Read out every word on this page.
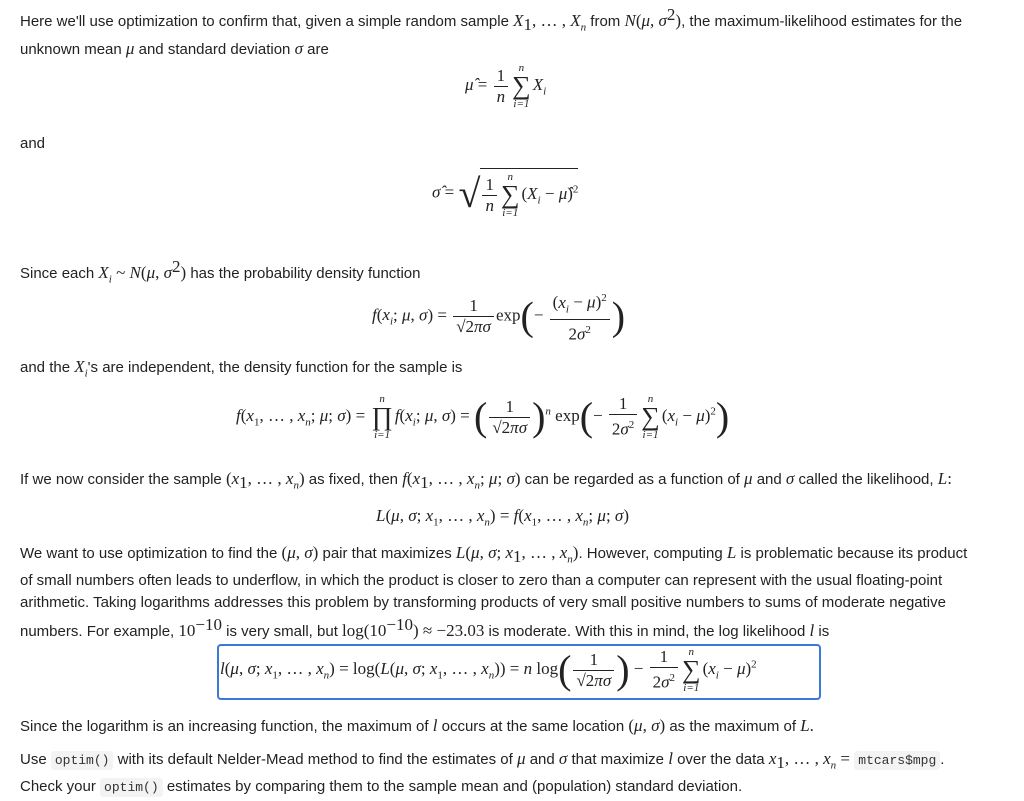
Here we'll use optimization to confirm that, given a simple random sample $X_1$, … , $X_n$ from N(μ, $\sigma^2$), the maximum-likelihood estimates for the
unknown mean μ and standard deviation σ are
μ̂ = $\frac{1}{n}$ n
∑
i=1
$X_i$
and
σ̂ = √ $\frac{1}{n}$ n
∑
i=1
($X_i$ − μ̂)$^2$
Since each $X_i$ ~ N(μ, $\sigma^2$) has the probability density function
$f(x_i$; μ, $\sigma) = \frac{1}{√2\pi\sigma} \exp(- \frac{(x_i - \mu)^2}{2\sigma^2}$ )
and the $X_i's$ are independent, the density function for the sample is
$f(x_1$, … , $x_n$; μ; σ) =
n
∏
i=1
$f(x_i$; μ, σ) = ( $\frac{1}{√2\pi\sigma} )^n$ $\exp(- \frac{1}{2\sigma^2}$ n
∑
i=1
$(x_i - \mu)^2$)
If we now consider the sample ($x_1$, … , $x_n$) as fixed, then $f(x_1$, … , $x_n$; μ; σ) can be regarded as a function of μ and σ called the likelihood, L:
L(μ, σ; $x_1$, … , $x_n) = f(x_1$, … , $x_n$; μ; σ)
We want to use optimization to find the (μ, σ) pair that maximizes L(μ, σ; $x_1$, … , $x_n$). However, computing L is problematic because its product
of small numbers often leads to underflow, in which the product is closer to zero than a computer can represent with the usual floating-point
arithmetic. Taking logarithms addresses this problem by transforming products of very small positive numbers to sums of moderate negative
numbers. For example, $10^{-10}$ is very small, but $\log(10^{-10}) \approx -23.03$ is moderate. With this in mind, the log likelihood l is
l(μ, σ; $x_1$, … , $x_n) = \log(L(\mu$, σ; $x_1$, … , $x_n)) = n$ $\log( \frac{1}{√2\pi\sigma}$ ) − $\frac{1}{2\sigma^2}$ n
∑
i=1
$(x_i - \mu)^2$
Since the logarithm is an increasing function, the maximum of l occurs at the same location (μ, σ) as the maximum of L.
Use optim() with its default Nelder-Mead method to find the estimates of μ and σ that maximize l over the data $x_1$, … , $x_n$ = mtcars$mpg .
Check your optim() estimates by comparing them to the sample mean and (population) standard deviation.
